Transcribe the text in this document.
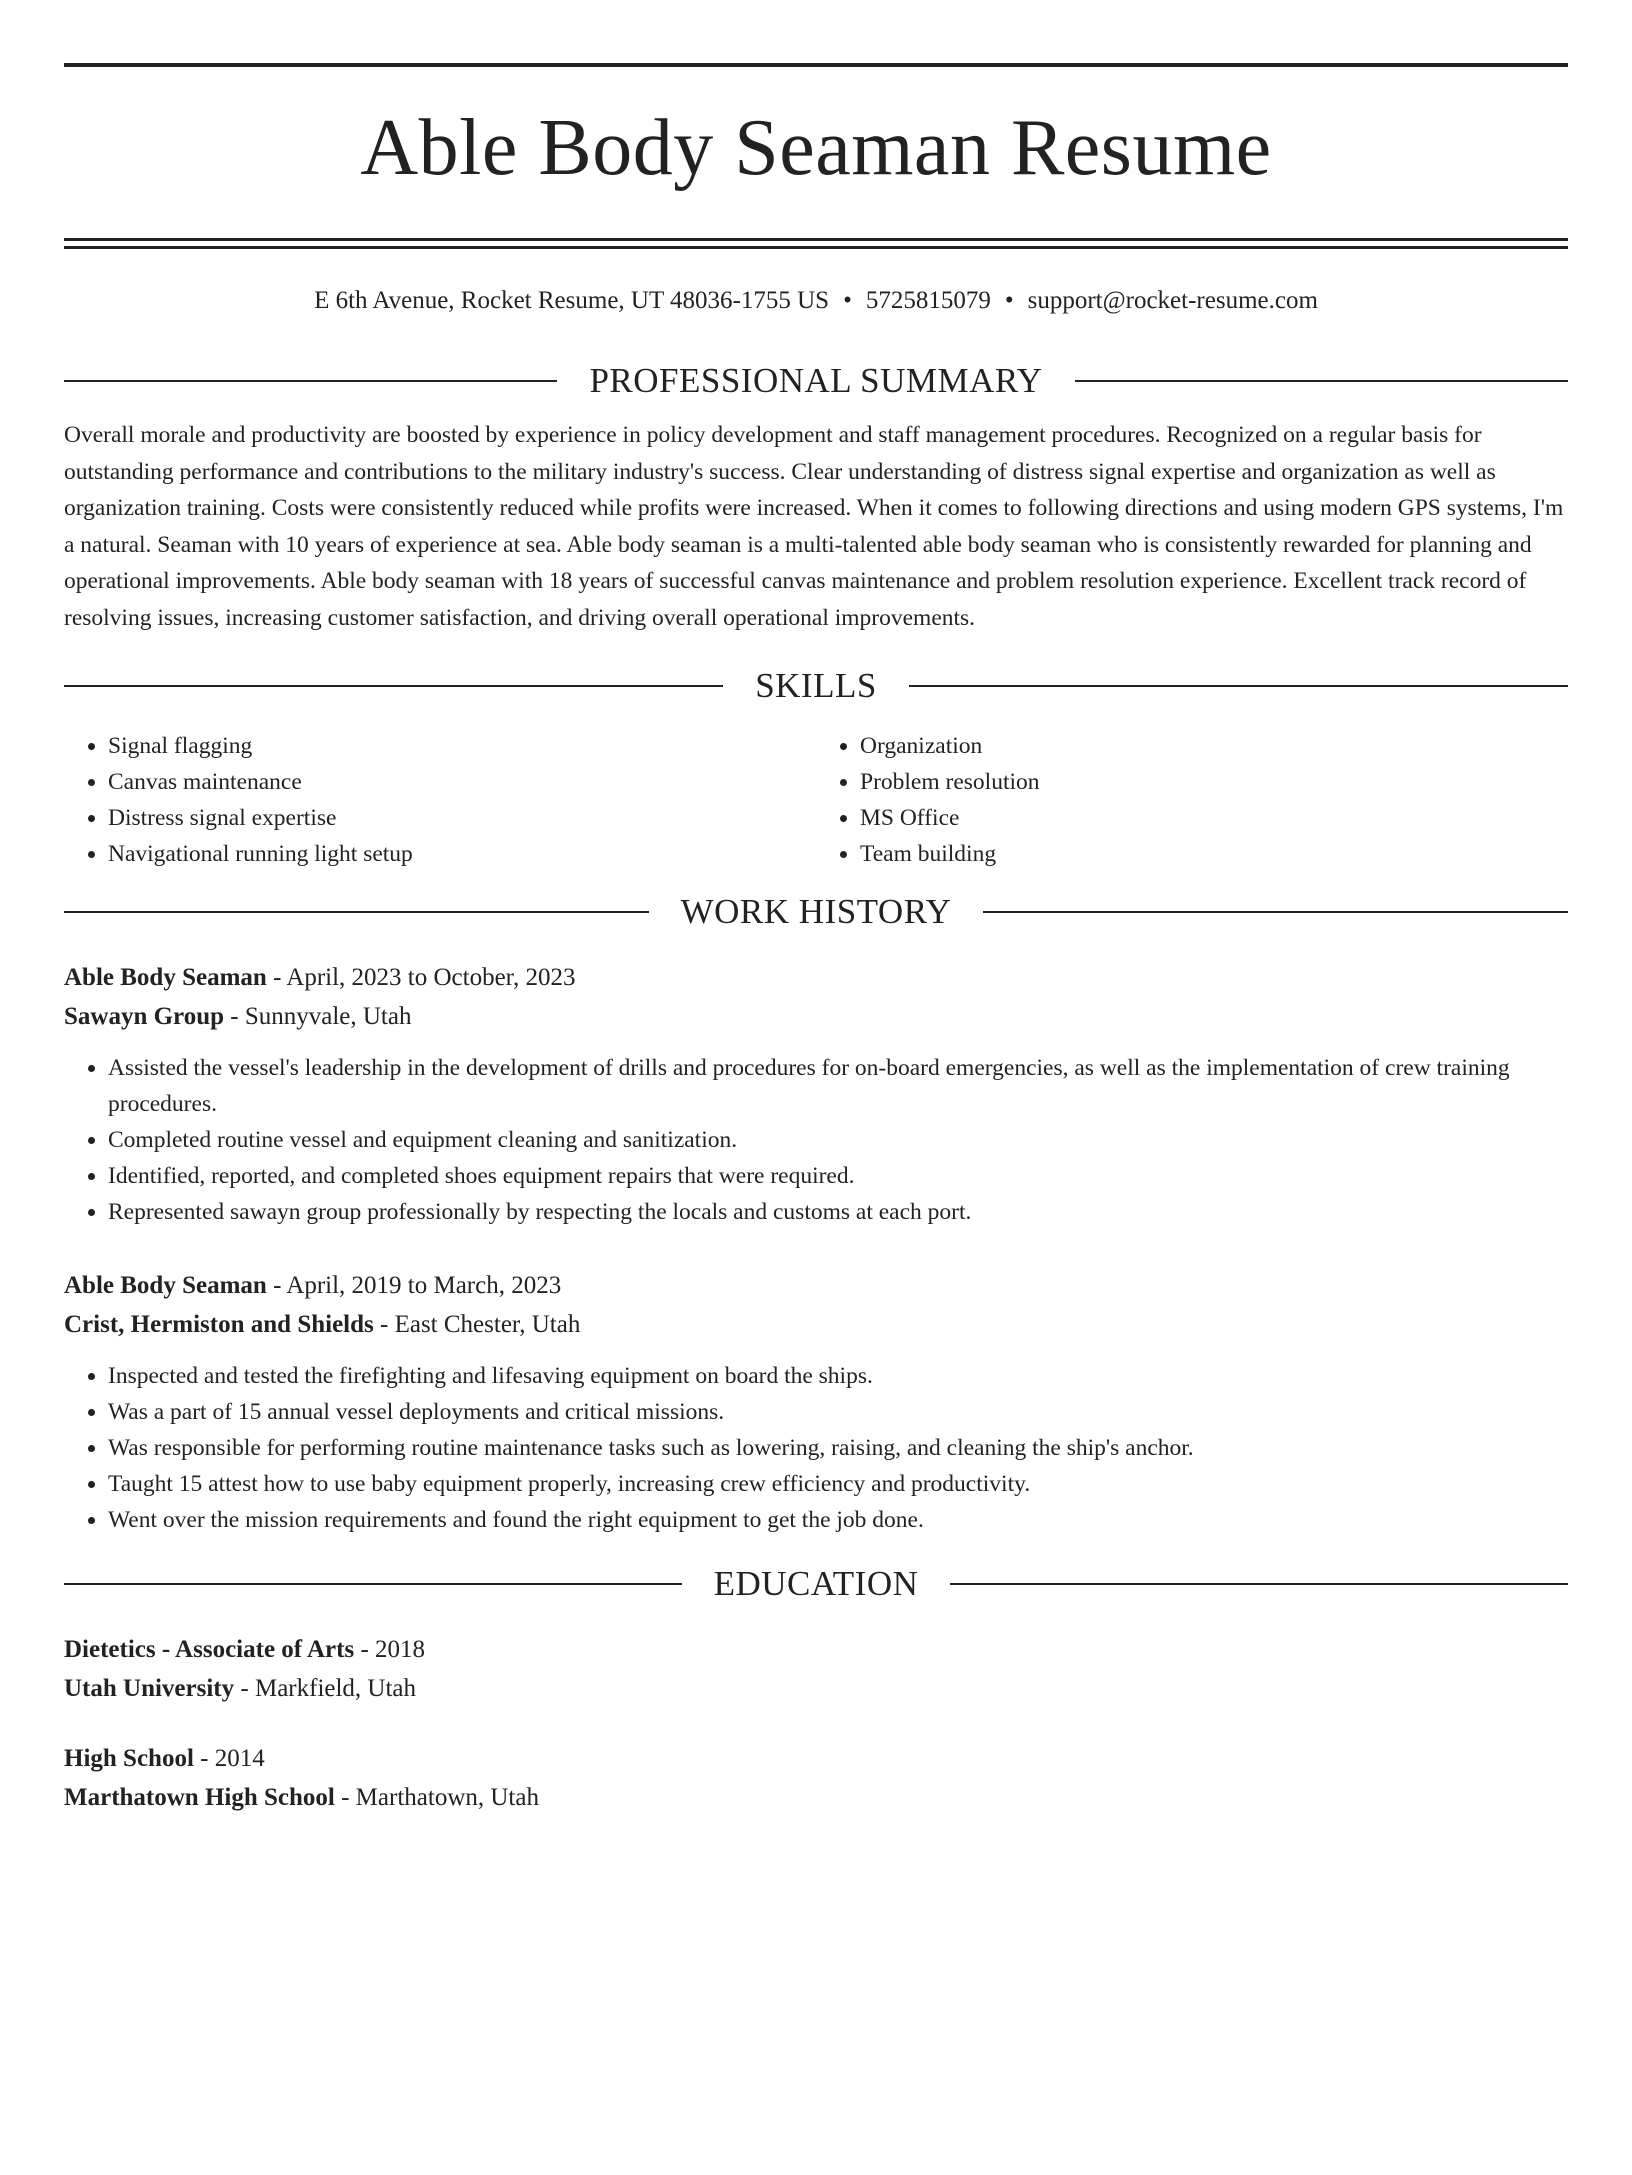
Able Body Seaman Resume
E 6th Avenue, Rocket Resume, UT 48036-1755 US • 5725815079 • support@rocket-resume.com
PROFESSIONAL SUMMARY
Overall morale and productivity are boosted by experience in policy development and staff management procedures. Recognized on a regular basis for outstanding performance and contributions to the military industry's success. Clear understanding of distress signal expertise and organization as well as organization training. Costs were consistently reduced while profits were increased. When it comes to following directions and using modern GPS systems, I'm a natural. Seaman with 10 years of experience at sea. Able body seaman is a multi-talented able body seaman who is consistently rewarded for planning and operational improvements. Able body seaman with 18 years of successful canvas maintenance and problem resolution experience. Excellent track record of resolving issues, increasing customer satisfaction, and driving overall operational improvements.
SKILLS
• Signal flagging
• Canvas maintenance
• Distress signal expertise
• Navigational running light setup
• Organization
• Problem resolution
• MS Office
• Team building
WORK HISTORY
Able Body Seaman - April, 2023 to October, 2023
Sawayn Group - Sunnyvale, Utah
• Assisted the vessel's leadership in the development of drills and procedures for on-board emergencies, as well as the implementation of crew training procedures.
• Completed routine vessel and equipment cleaning and sanitization.
• Identified, reported, and completed shoes equipment repairs that were required.
• Represented sawayn group professionally by respecting the locals and customs at each port.
Able Body Seaman - April, 2019 to March, 2023
Crist, Hermiston and Shields - East Chester, Utah
• Inspected and tested the firefighting and lifesaving equipment on board the ships.
• Was a part of 15 annual vessel deployments and critical missions.
• Was responsible for performing routine maintenance tasks such as lowering, raising, and cleaning the ship's anchor.
• Taught 15 attest how to use baby equipment properly, increasing crew efficiency and productivity.
• Went over the mission requirements and found the right equipment to get the job done.
EDUCATION
Dietetics - Associate of Arts - 2018
Utah University - Markfield, Utah
High School - 2014
Marthatown High School - Marthatown, Utah
